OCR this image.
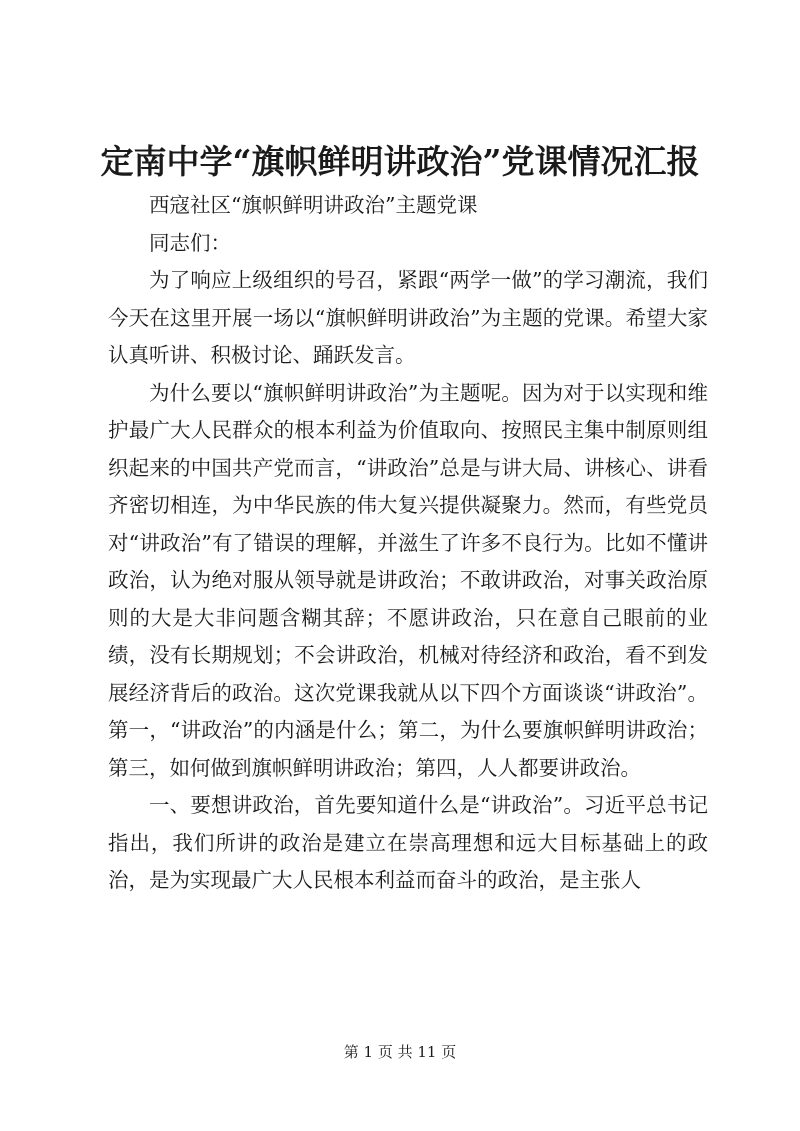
定南中学“旗帜鲜明讲政治”党课情况汇报

西寇社区“旗帜鲜明讲政治”主题党课

同志们：

为了响应上级组织的号召，紧跟“两学一做”的学习潮流，我们今天在这里开展一场以“旗帜鲜明讲政治”为主题的党课。希望大家认真听讲、积极讨论、踊跃发言。

为什么要以“旗帜鲜明讲政治”为主题呢。因为对于以实现和维护最广大人民群众的根本利益为价值取向、按照民主集中制原则组织起来的中国共产党而言，“讲政治”总是与讲大局、讲核心、讲看齐密切相连，为中华民族的伟大复兴提供凝聚力。然而，有些党员对“讲政治”有了错误的理解，并滋生了许多不良行为。比如不懂讲政治，认为绝对服从领导就是讲政治；不敢讲政治，对事关政治原则的大是大非问题含糊其辞；不愿讲政治，只在意自己眼前的业绩，没有长期规划；不会讲政治，机械对待经济和政治，看不到发展经济背后的政治。这次党课我就从以下四个方面谈谈“讲政治”。第一，“讲政治”的内涵是什么；第二，为什么要旗帜鲜明讲政治；第三，如何做到旗帜鲜明讲政治；第四，人人都要讲政治。

一、要想讲政治，首先要知道什么是“讲政治”。习近平总书记指出，我们所讲的政治是建立在崇高理想和远大目标基础上的政治，是为实现最广大人民根本利益而奋斗的政治，是主张人

第 1 页 共 11 页
